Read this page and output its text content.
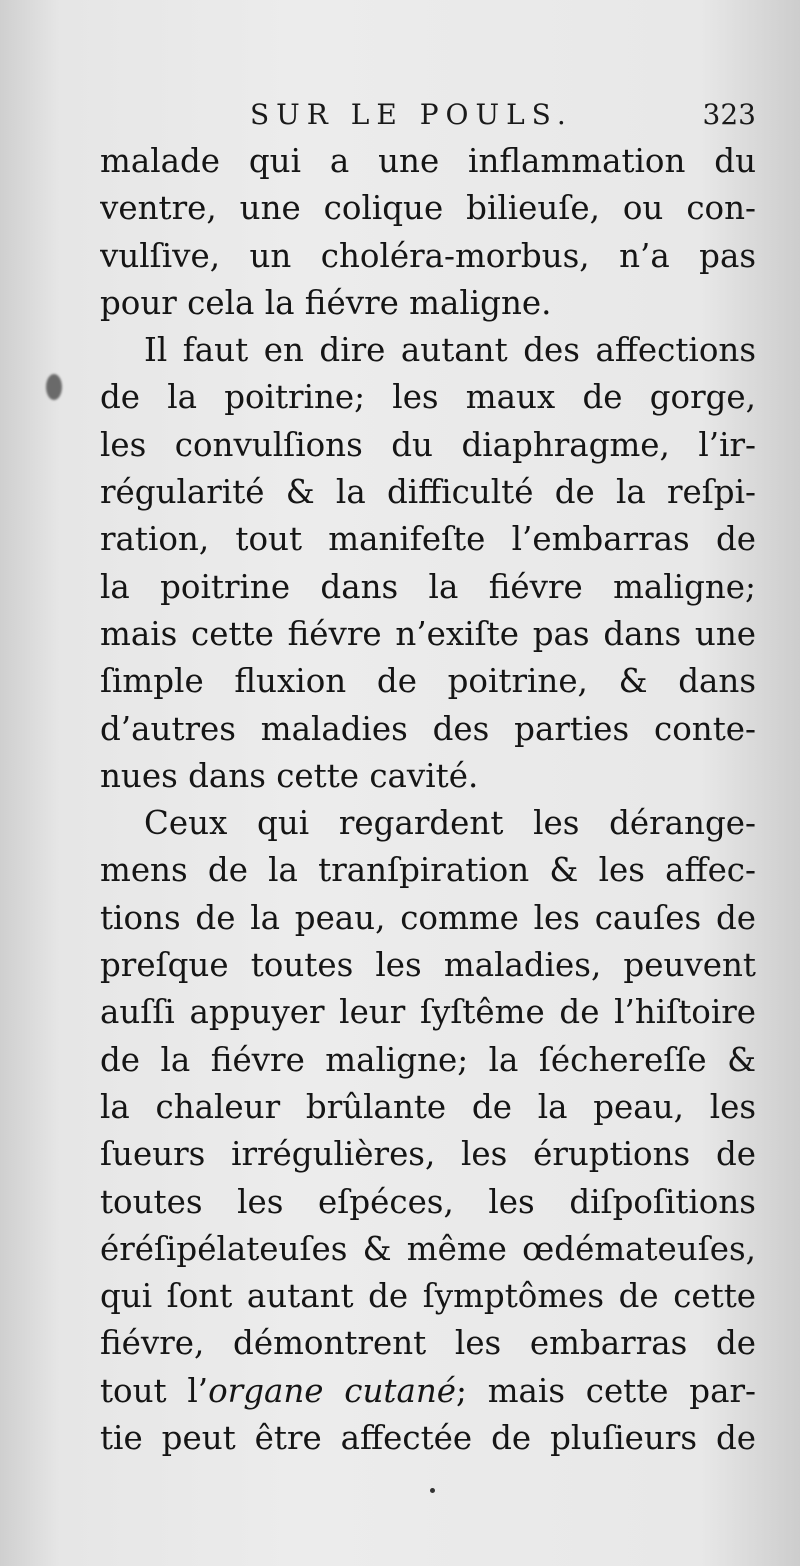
SUR LE POULS.	323
malade qui a une inflammation du
ventre, une colique bilieuſe, ou con-
vulſive, un choléra-morbus, n’a pas
pour cela la fiévre maligne.
Il faut en dire autant des affections
de la poitrine; les maux de gorge,
les convulſions du diaphragme, l’ir-
régularité & la difficulté de la reſpi-
ration, tout manifeſte l’embarras de
la poitrine dans la fiévre maligne;
mais cette fiévre n’exiſte pas dans une
ſimple fluxion de poitrine, & dans
d’autres maladies des parties conte-
nues dans cette cavité.
Ceux qui regardent les dérange-
mens de la tranſpiration & les affec-
tions de la peau, comme les cauſes de
preſque toutes les maladies, peuvent
auſſi appuyer leur ſyſtême de l’hiſtoire
de la fiévre maligne; la ſéchereſſe &
la chaleur brûlante de la peau, les
ſueurs irrégulières, les éruptions de
toutes les eſpéces, les diſpoſitions
éréſipélateuſes & même œdémateuſes,
qui ſont autant de ſymptômes de cette
fiévre, démontrent les embarras de
tout l’organe cutané; mais cette par-
tie peut être affectée de pluſieurs de
